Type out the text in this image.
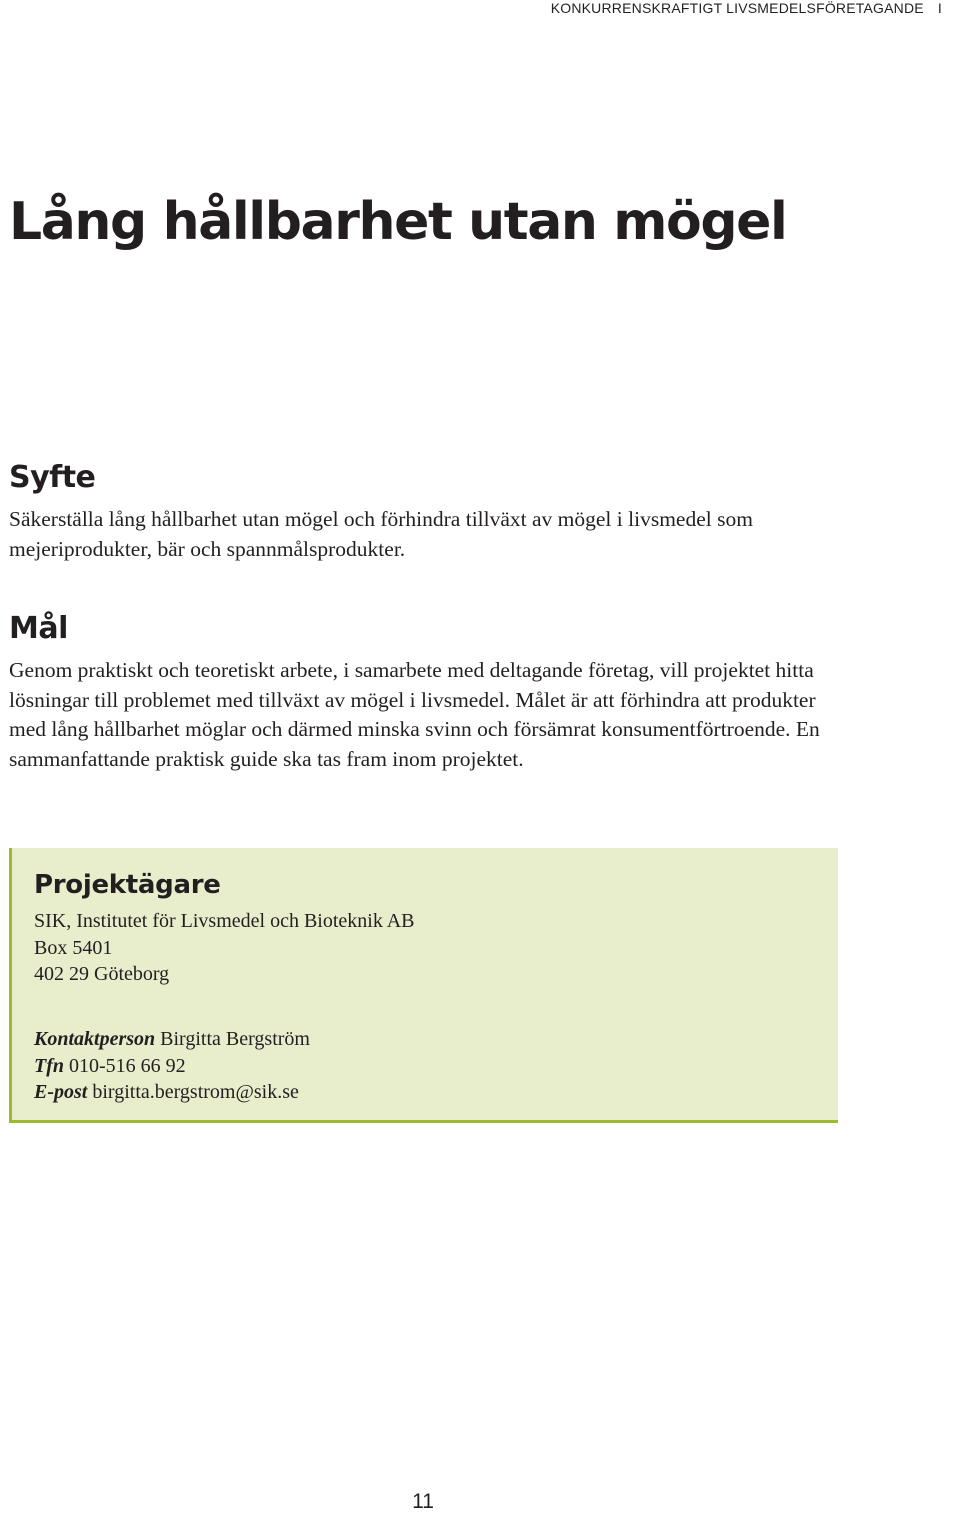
KONKURRENSKRAFTIGT LIVSMEDELSFÖRETAGANDE I
Lång hållbarhet utan mögel
Syfte

Säkerställa lång hållbarhet utan mögel och förhindra tillväxt av mögel i livsmedel som mejeriprodukter, bär och spannmålsprodukter.

Mål

Genom praktiskt och teoretiskt arbete, i samarbete med deltagande företag, vill projektet hitta lösningar till problemet med tillväxt av mögel i livsmedel. Målet är att förhindra att produkter med lång hållbarhet möglar och därmed minska svinn och försämrat konsumentförtroende. En sammanfattande praktisk guide ska tas fram inom projektet.

Projektägare
SIK, Institutet för Livsmedel och Bioteknik AB
Box 5401
402 29 Göteborg
Kontaktperson Birgitta Bergström
Tfn 010-516 66 92
E-post birgitta.bergstrom@sik.se
11
